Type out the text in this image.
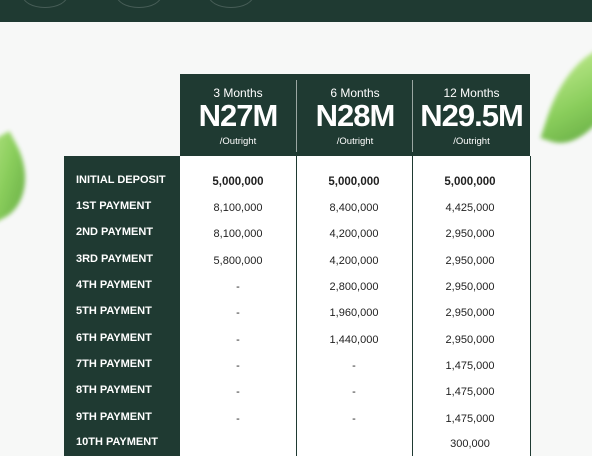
3 Months
N27M
/Outright
6 Months
N28M
/Outright
12 Months
N29.5M
/Outright
INITIAL DEPOSIT
1ST PAYMENT
2ND PAYMENT
3RD PAYMENT
4TH PAYMENT
5TH PAYMENT
6TH PAYMENT
7TH PAYMENT
8TH PAYMENT
9TH PAYMENT
10TH PAYMENT
5,000,000
8,100,000
8,100,000
5,800,000
-
-
-
-
-
-
5,000,000
8,400,000
4,200,000
4,200,000
2,800,000
1,960,000
1,440,000
-
-
-
5,000,000
4,425,000
2,950,000
2,950,000
2,950,000
2,950,000
2,950,000
1,475,000
1,475,000
1,475,000
300,000
